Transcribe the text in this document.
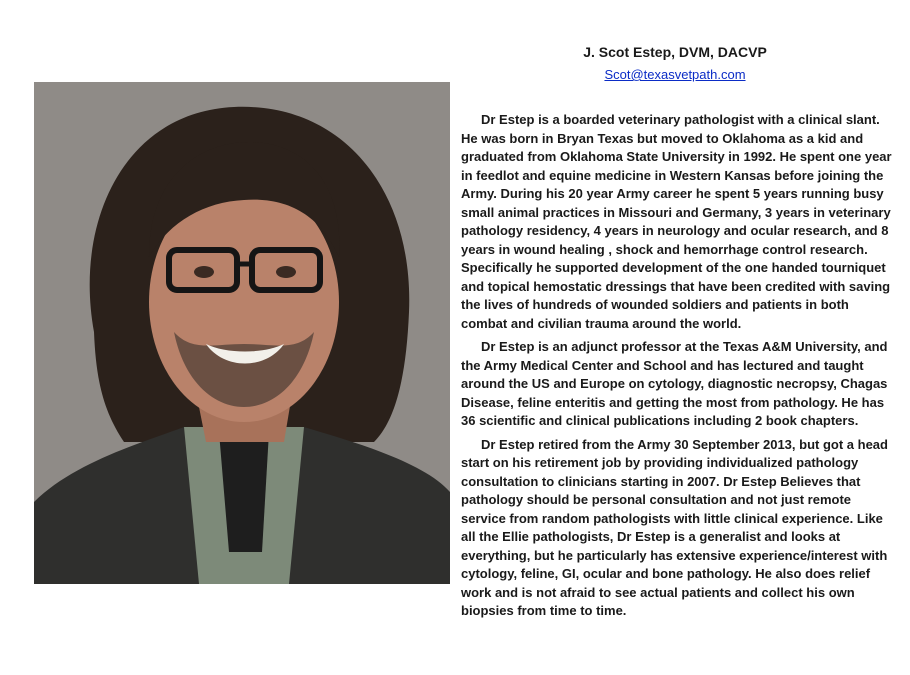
J. Scot Estep, DVM, DACVP
Scot@texasvetpath.com

Dr Estep is a boarded veterinary pathologist with a clinical slant. He was born in Bryan Texas but moved to Oklahoma as a kid and graduated from Oklahoma State University in 1992. He spent one year in feedlot and equine medicine in Western Kansas before joining the Army. During his 20 year Army career he spent 5 years running busy small animal practices in Missouri and Germany, 3 years in veterinary pathology residency, 4 years in neurology and ocular research, and 8 years in wound healing , shock and hemorrhage control research. Specifically he supported development of the one handed tourniquet and topical hemostatic dressings that have been credited with saving the lives of hundreds of wounded soldiers and patients in both combat and civilian trauma around the world.

Dr Estep is an adjunct professor at the Texas A&M University, and the Army Medical Center and School and has lectured and taught around the US and Europe on cytology, diagnostic necropsy, Chagas Disease, feline enteritis and getting the most from pathology. He has 36 scientific and clinical publications including 2 book chapters.

Dr Estep retired from the Army 30 September 2013, but got a head start on his retirement job by providing individualized pathology consultation to clinicians starting in 2007. Dr Estep Believes that pathology should be personal consultation and not just remote service from random pathologists with little clinical experience. Like all the Ellie pathologists, Dr Estep is a generalist and looks at everything, but he particularly has extensive experience/interest with cytology, feline, GI, ocular and bone pathology. He also does relief work and is not afraid to see actual patients and collect his own biopsies from time to time.
